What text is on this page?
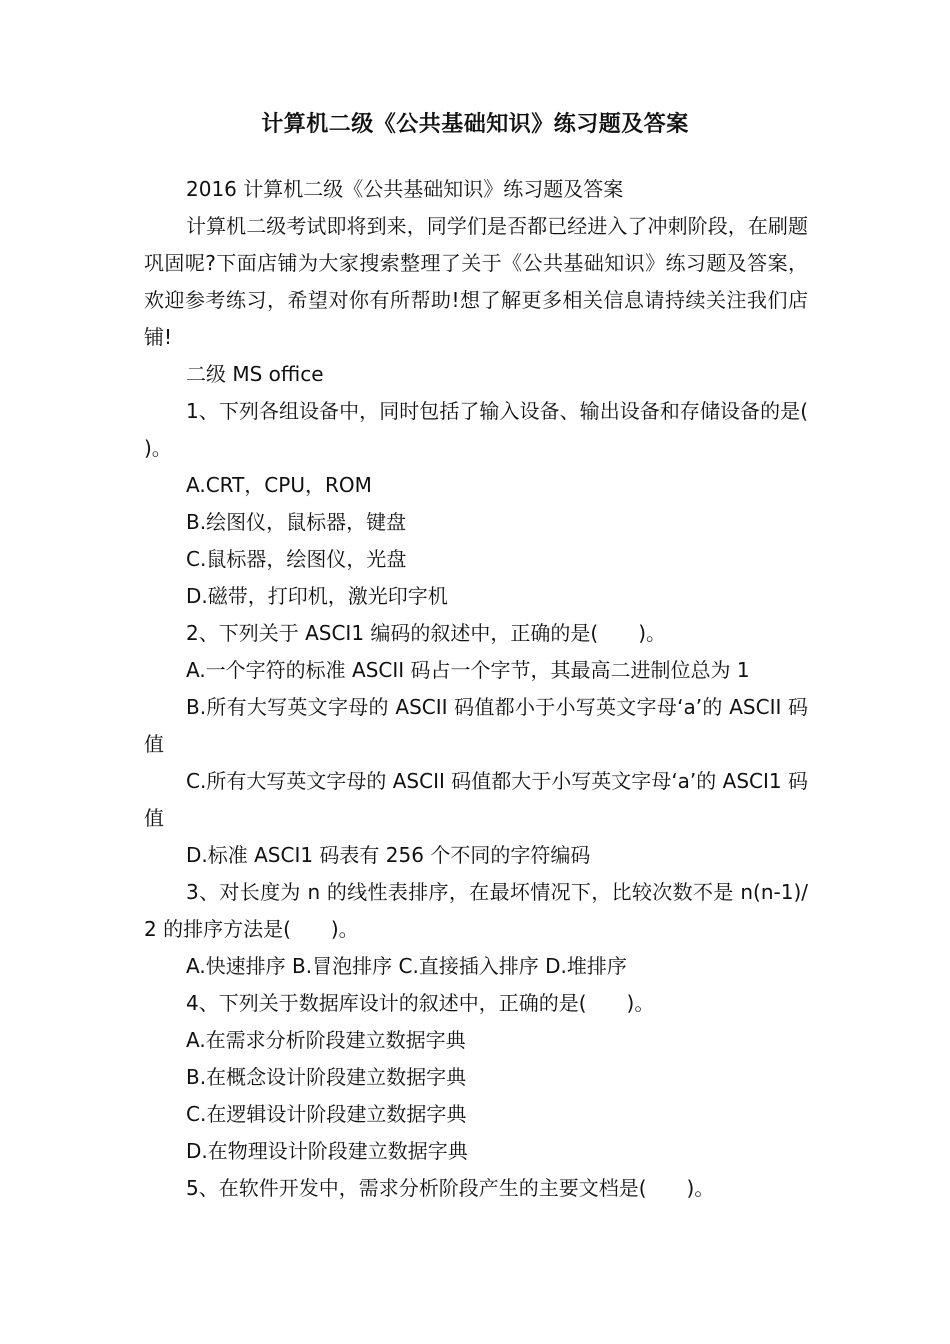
计算机二级《公共基础知识》练习题及答案

2016 计算机二级《公共基础知识》练习题及答案

计算机二级考试即将到来，同学们是否都已经进入了冲刺阶段，在刷题巩固呢?下面店铺为大家搜索整理了关于《公共基础知识》练习题及答案，欢迎参考练习，希望对你有所帮助!想了解更多相关信息请持续关注我们店铺!

二级 MS office

1、下列各组设备中，同时包括了输入设备、输出设备和存储设备的是(　　)。

A.CRT，CPU，ROM

B.绘图仪，鼠标器，键盘

C.鼠标器，绘图仪，光盘

D.磁带，打印机，激光印字机

2、下列关于 ASCI1 编码的叙述中，正确的是(　　)。

A.一个字符的标准 ASCII 码占一个字节，其最高二进制位总为 1

B.所有大写英文字母的 ASCII 码值都小于小写英文字母‘a’的 ASCII 码值

C.所有大写英文字母的 ASCII 码值都大于小写英文字母‘a’的 ASCI1 码值

D.标准 ASCI1 码表有 256 个不同的字符编码

3、对长度为 n 的线性表排序，在最坏情况下，比较次数不是 n(n-1)/2 的排序方法是(　　)。

A.快速排序 B.冒泡排序 C.直接插入排序 D.堆排序

4、下列关于数据库设计的叙述中，正确的是(　　)。

A.在需求分析阶段建立数据字典

B.在概念设计阶段建立数据字典

C.在逻辑设计阶段建立数据字典

D.在物理设计阶段建立数据字典

5、在软件开发中，需求分析阶段产生的主要文档是(　　)。
